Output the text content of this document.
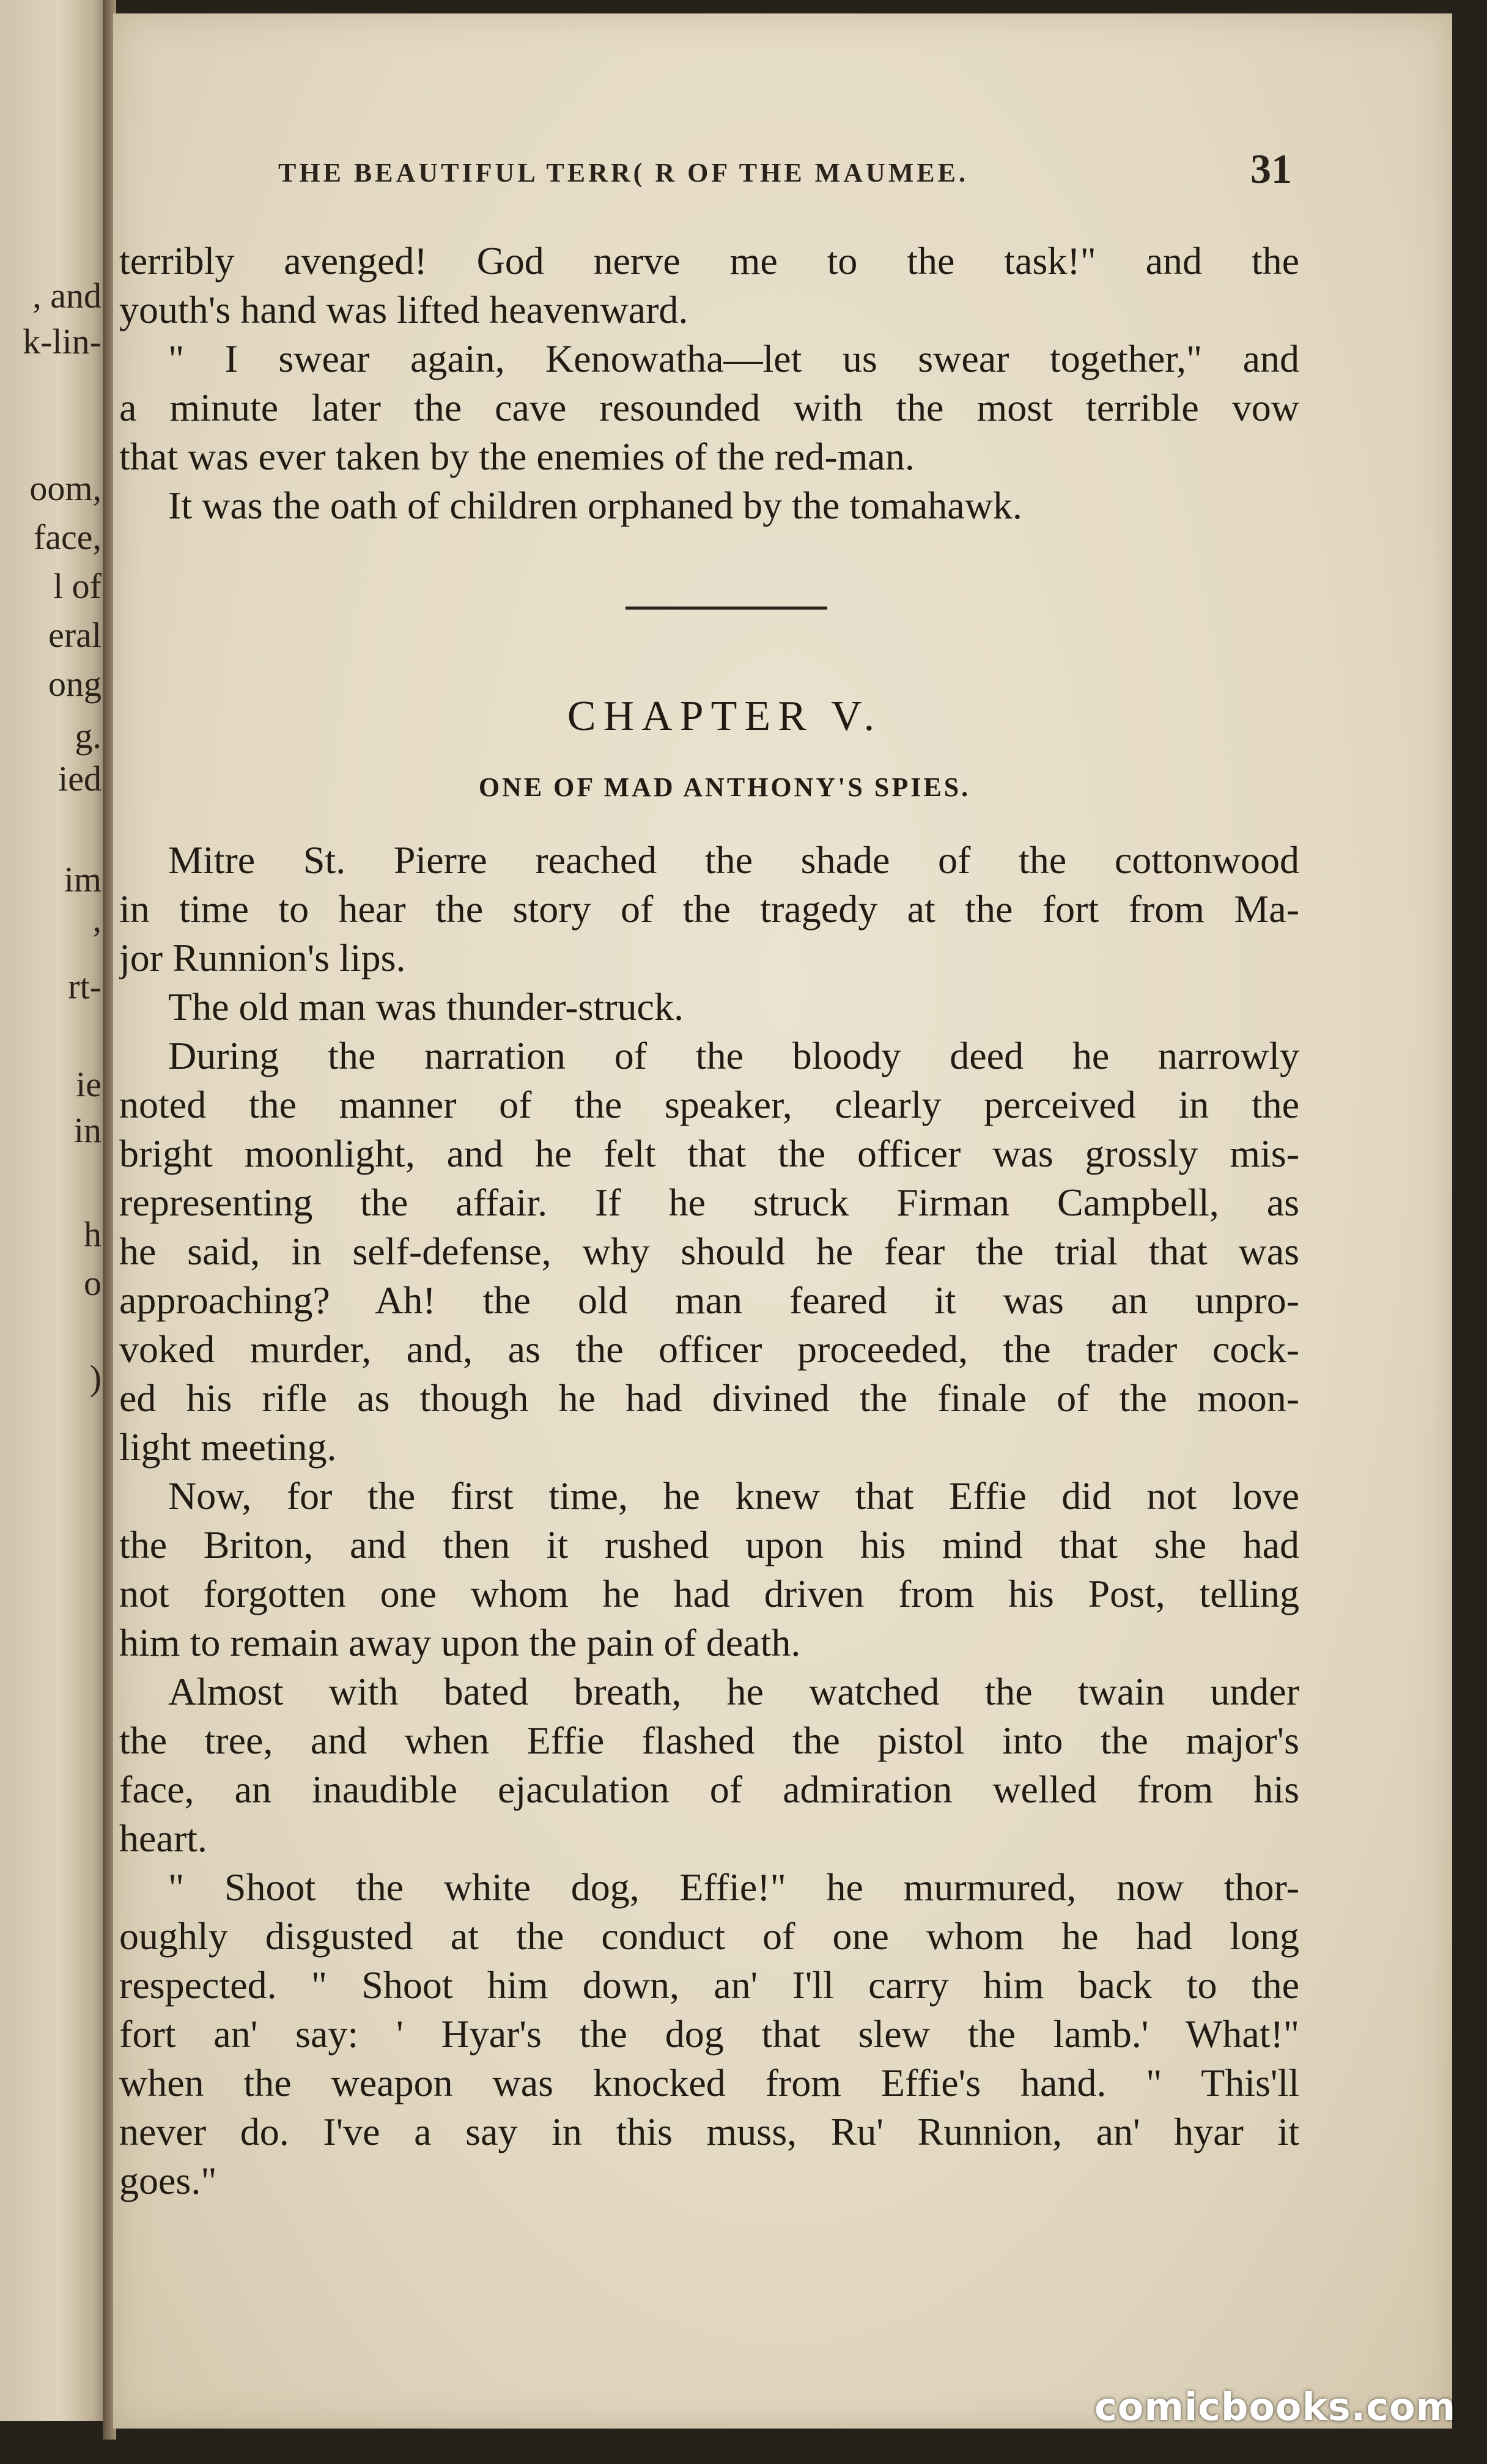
, and
k-lin-
oom,
face,
l of
eral
ong
g.
ied
im
,
rt-
ie
in
h
o
)
THE BEAUTIFUL TERR( R OF THE MAUMEE.	31
terribly avenged! God nerve me to the task!" and the
youth's hand was lifted heavenward.
" I swear again, Kenowatha—let us swear together," and
a minute later the cave resounded with the most terrible vow
that was ever taken by the enemies of the red-man.
It was the oath of children orphaned by the tomahawk.
CHAPTER V.
ONE OF MAD ANTHONY'S SPIES.
Mitre St. Pierre reached the shade of the cottonwood
in time to hear the story of the tragedy at the fort from Ma-
jor Runnion's lips.
The old man was thunder-struck.
During the narration of the bloody deed he narrowly
noted the manner of the speaker, clearly perceived in the
bright moonlight, and he felt that the officer was grossly mis-
representing the affair. If he struck Firman Campbell, as
he said, in self-defense, why should he fear the trial that was
approaching? Ah! the old man feared it was an unpro-
voked murder, and, as the officer proceeded, the trader cock-
ed his rifle as though he had divined the finale of the moon-
light meeting.
Now, for the first time, he knew that Effie did not love
the Briton, and then it rushed upon his mind that she had
not forgotten one whom he had driven from his Post, telling
him to remain away upon the pain of death.
Almost with bated breath, he watched the twain under
the tree, and when Effie flashed the pistol into the major's
face, an inaudible ejaculation of admiration welled from his
heart.
" Shoot the white dog, Effie!" he murmured, now thor-
oughly disgusted at the conduct of one whom he had long
respected. " Shoot him down, an' I'll carry him back to the
fort an' say: ' Hyar's the dog that slew the lamb.' What!"
when the weapon was knocked from Effie's hand. " This'll
never do. I've a say in this muss, Ru' Runnion, an' hyar it
goes."
comicbooks.com
